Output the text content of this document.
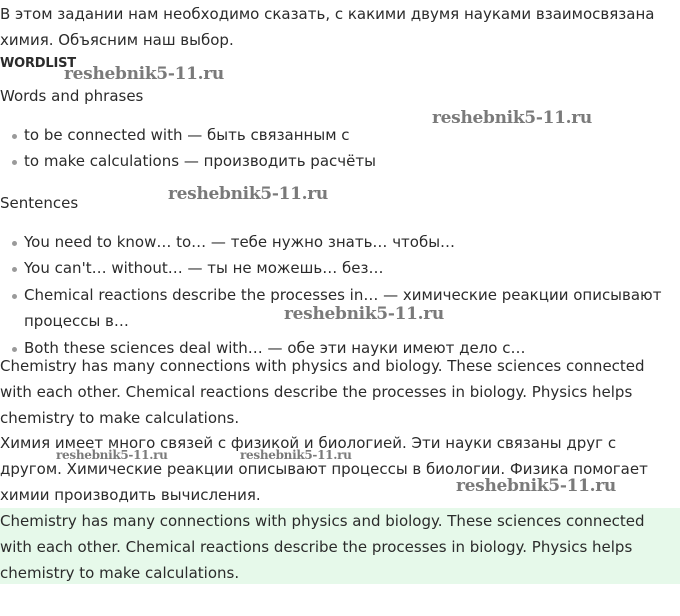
В этом задании нам необходимо сказать, с какими двумя науками взаимосвязана химия. Объясним наш выбор.

WORDLIST
Words and phrases
to be connected with — быть связанным с
to make calculations — производить расчёты
Sentences
You need to know… to… — тебе нужно знать… чтобы…
You can't… without… — ты не можешь… без…
Chemical reactions describe the processes in… — химические реакции описывают процессы в…
Both these sciences deal with… — обе эти науки имеют дело с…

Chemistry has many connections with physics and biology. These sciences connected with each other. Chemical reactions describe the processes in biology. Physics helps chemistry to make calculations.

Химия имеет много связей с физикой и биологией. Эти науки связаны друг с другом. Химические реакции описывают процессы в биологии. Физика помогает химии производить вычисления.

Chemistry has many connections with physics and biology. These sciences connected with each other. Chemical reactions describe the processes in biology. Physics helps chemistry to make calculations.

reshebnik5-11.ru
reshebnik5-11.ru
reshebnik5-11.ru
reshebnik5-11.ru
reshebnik5-11.ru	reshebnik5-11.ru
reshebnik5-11.ru
